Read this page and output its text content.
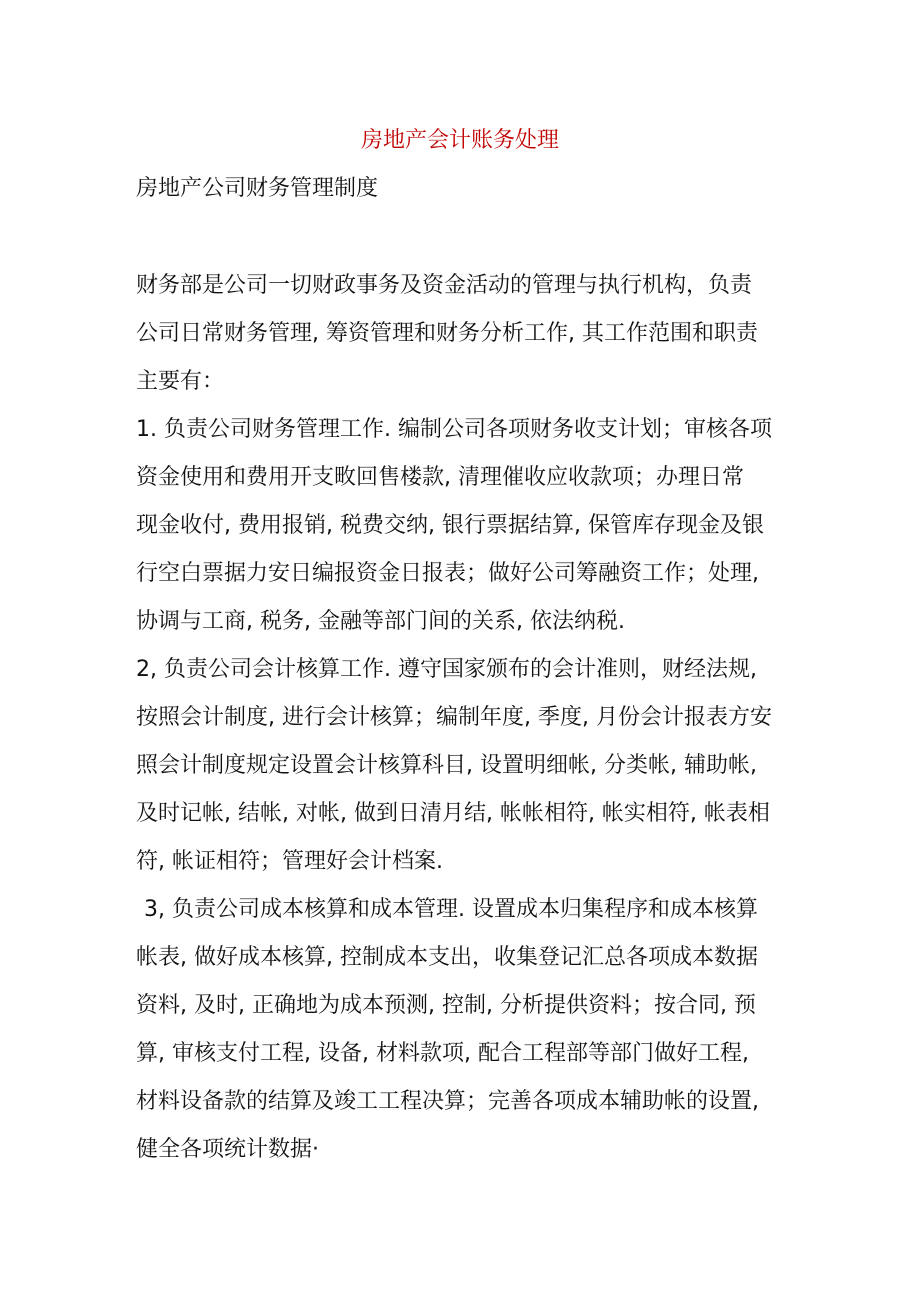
房地产会计账务处理
房地产公司财务管理制度
财务部是公司一切财政事务及资金活动的管理与执行机构，负责
公司日常财务管理, 筹资管理和财务分析工作, 其工作范围和职责
主要有：
1. 负责公司财务管理工作. 编制公司各项财务收支计划；审核各项
资金使用和费用开支畋回售楼款, 清理催收应收款项；办理日常
现金收付, 费用报销, 税费交纳, 银行票据结算, 保管库存现金及银
行空白票据力安日编报资金日报表；做好公司筹融资工作；处理,
协调与工商, 税务, 金融等部门间的关系, 依法纳税.
2, 负责公司会计核算工作. 遵守国家颁布的会计准则，财经法规,
按照会计制度, 进行会计核算；编制年度, 季度, 月份会计报表方安
照会计制度规定设置会计核算科目, 设置明细帐, 分类帐, 辅助帐,
及时记帐, 结帐, 对帐, 做到日清月结, 帐帐相符, 帐实相符, 帐表相
符, 帐证相符；管理好会计档案.
3, 负责公司成本核算和成本管理. 设置成本归集程序和成本核算
帐表, 做好成本核算, 控制成本支出，收集登记汇总各项成本数据
资料, 及时, 正确地为成本预测, 控制, 分析提供资料；按合同, 预
算, 审核支付工程, 设备, 材料款项, 配合工程部等部门做好工程,
材料设备款的结算及竣工工程决算；完善各项成本辅助帐的设置,
健全各项统计数据·
